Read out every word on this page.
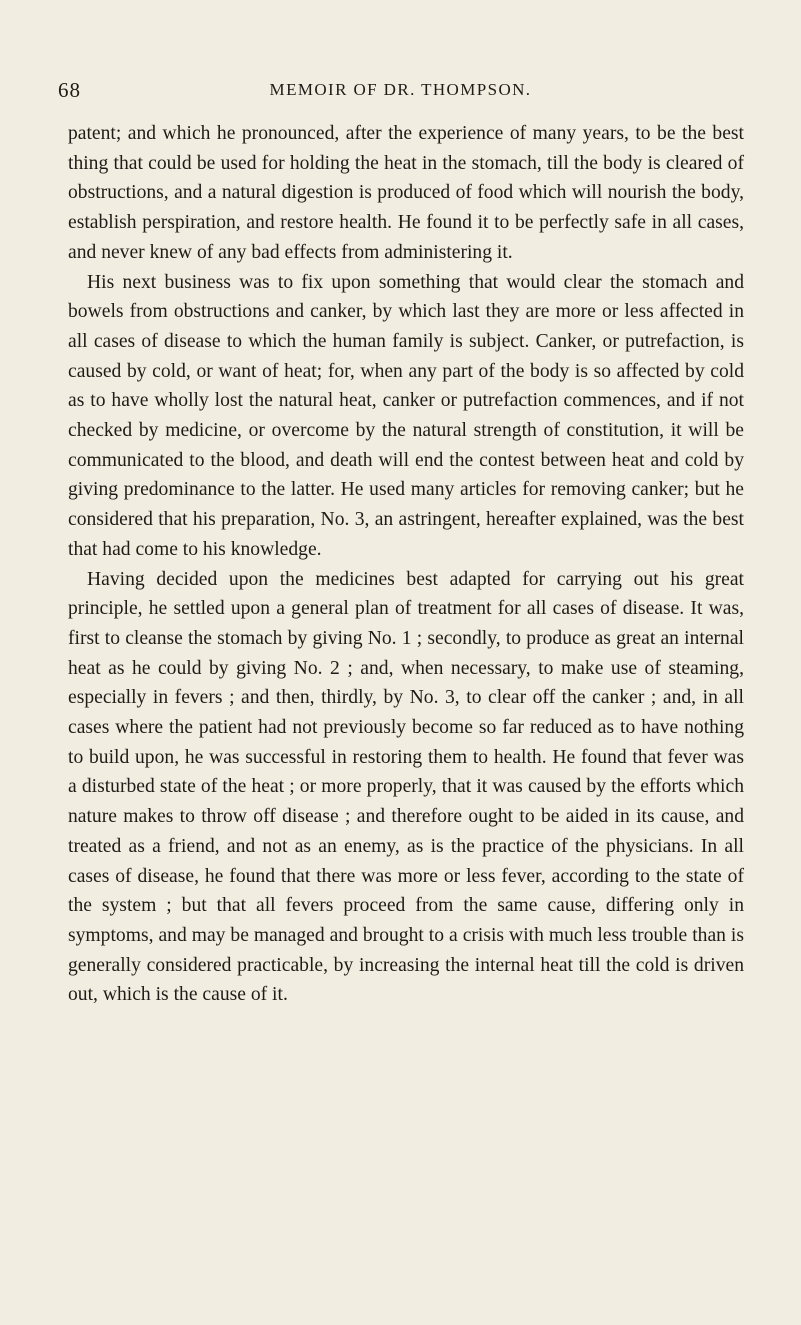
68	MEMOIR OF DR. THOMPSON.

patent; and which he pronounced, after the experience of many years, to be the best thing that could be used for holding the heat in the stomach, till the body is cleared of obstructions, and a natural digestion is produced of food which will nourish the body, establish perspiration, and restore health. He found it to be perfectly safe in all cases, and never knew of any bad effects from administering it.

His next business was to fix upon something that would clear the stomach and bowels from obstructions and canker, by which last they are more or less affected in all cases of disease to which the human family is subject. Canker, or putrefaction, is caused by cold, or want of heat; for, when any part of the body is so affected by cold as to have wholly lost the natural heat, canker or putrefaction commences, and if not checked by medicine, or overcome by the natural strength of constitution, it will be communicated to the blood, and death will end the contest between heat and cold by giving predominance to the latter. He used many articles for removing canker; but he considered that his preparation, No. 3, an astringent, hereafter explained, was the best that had come to his knowledge.

Having decided upon the medicines best adapted for carrying out his great principle, he settled upon a general plan of treatment for all cases of disease. It was, first to cleanse the stomach by giving No. 1 ; secondly, to produce as great an internal heat as he could by giving No. 2 ; and, when necessary, to make use of steaming, especially in fevers ; and then, thirdly, by No. 3, to clear off the canker ; and, in all cases where the patient had not previously become so far reduced as to have nothing to build upon, he was successful in restoring them to health. He found that fever was a disturbed state of the heat ; or more properly, that it was caused by the efforts which nature makes to throw off disease ; and therefore ought to be aided in its cause, and treated as a friend, and not as an enemy, as is the practice of the physicians. In all cases of disease, he found that there was more or less fever, according to the state of the system ; but that all fevers proceed from the same cause, differing only in symptoms, and may be managed and brought to a crisis with much less trouble than is generally considered practicable, by increasing the internal heat till the cold is driven out, which is the cause of it.
